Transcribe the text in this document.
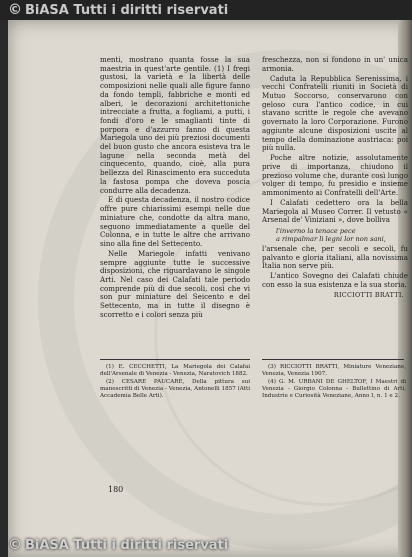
© BiASA Tutti i diritti riservati

menti, mostrano quanta fosse la sua maestria in quest'arte gentile. (1) I fregi gustosi, la varietà e la libertà delle composizioni nelle quali alle figure fanno da fondo templi, fabbriche e monti ed alberi, le decorazioni architettoniche intrecciate a frutta, a fogliami, a putti, i fondi d'oro e le smaglianti tinte di porpora e d'azzurro fanno di questa Mariegola uno dei più preziosi documenti del buon gusto che ancora esisteva tra le lagune nella seconda metà del cinquecento, quando, cioè, alla pura bellezza del Rinascimento era succeduta la fastosa pompa che doveva poscia condurre alla decadenza.

E di questa decadenza, il nostro codice offre pure chiarissimi esempi nelle due miniature che, condotte da altra mano, seguono immediatamente a quelle del Colonna, e in tutte le altre che arrivano sino alla fine del Settecento.

Nelle Mariegole infatti venivano sempre aggiunte tutte le successive disposizioni, che riguardavano le singole Arti. Nel caso dei Calafati tale periodo comprende più di due secoli, così che vi son pur miniature del Seicento e del Settecento, ma in tutte il disegno è scorretto e i colori senza più

freschezza, non si fondono in un' unica armonia.

Caduta la Repubblica Serenissima, i vecchi Confratelli riuniti in Società di Mutuo Soccorso, conservarono con geloso cura l'antico codice, in cui stavano scritte le regole che avevano governato la loro Corporazione. Furono aggiunte alcune disposizioni uscite al tempo della dominazione austriaca: poi più nulla.

Poche altre notizie, assolutamente prive di importanza, chiudono il prezioso volume che, durante così lungo volger di tempo, fu presidio e insieme ammonimento ai Confratelli dell'Arte.

I Calafati cedettero ora la bella Mariegola al Museo Correr. Il vetusto « Arsenal de' Viniziani », dove bolliva

l'inverno la tenace pece
a rimpalmar li legni lor non sani,

l'arsenale che, per secoli e secoli, fu palvanto e gloria italiani, alla novissima Italia non serve più.

L'antico Sovegno dei Calafati chiude con esso la sua esistenza e la sua storia.

RICCIOTTI BRATTI.

(1) E. CECCHETTI, La Mariegola dei Calafai dell'Arsenale di Venezia - Venezia, Naratovich 1882.

(2) CESARE PAUCARÈ, Della pittura sui manoscritti di Venezia - Venezia, Antonelli 1857 (Atti Accademia Belle Arti).

(3) RICCIOTTI BRATTI, Miniature Veneziane, Venezia, Venezia 1907.

(4) G. M. URBANI DE GHELTOF, I Maestri di Venezia - Giorgio Colonna - Bullettino di Arti, Industrie e Curiosità Veneziane, Anno I, n. 1 e 2.

180
© BiASA Tutti i diritti riservati
